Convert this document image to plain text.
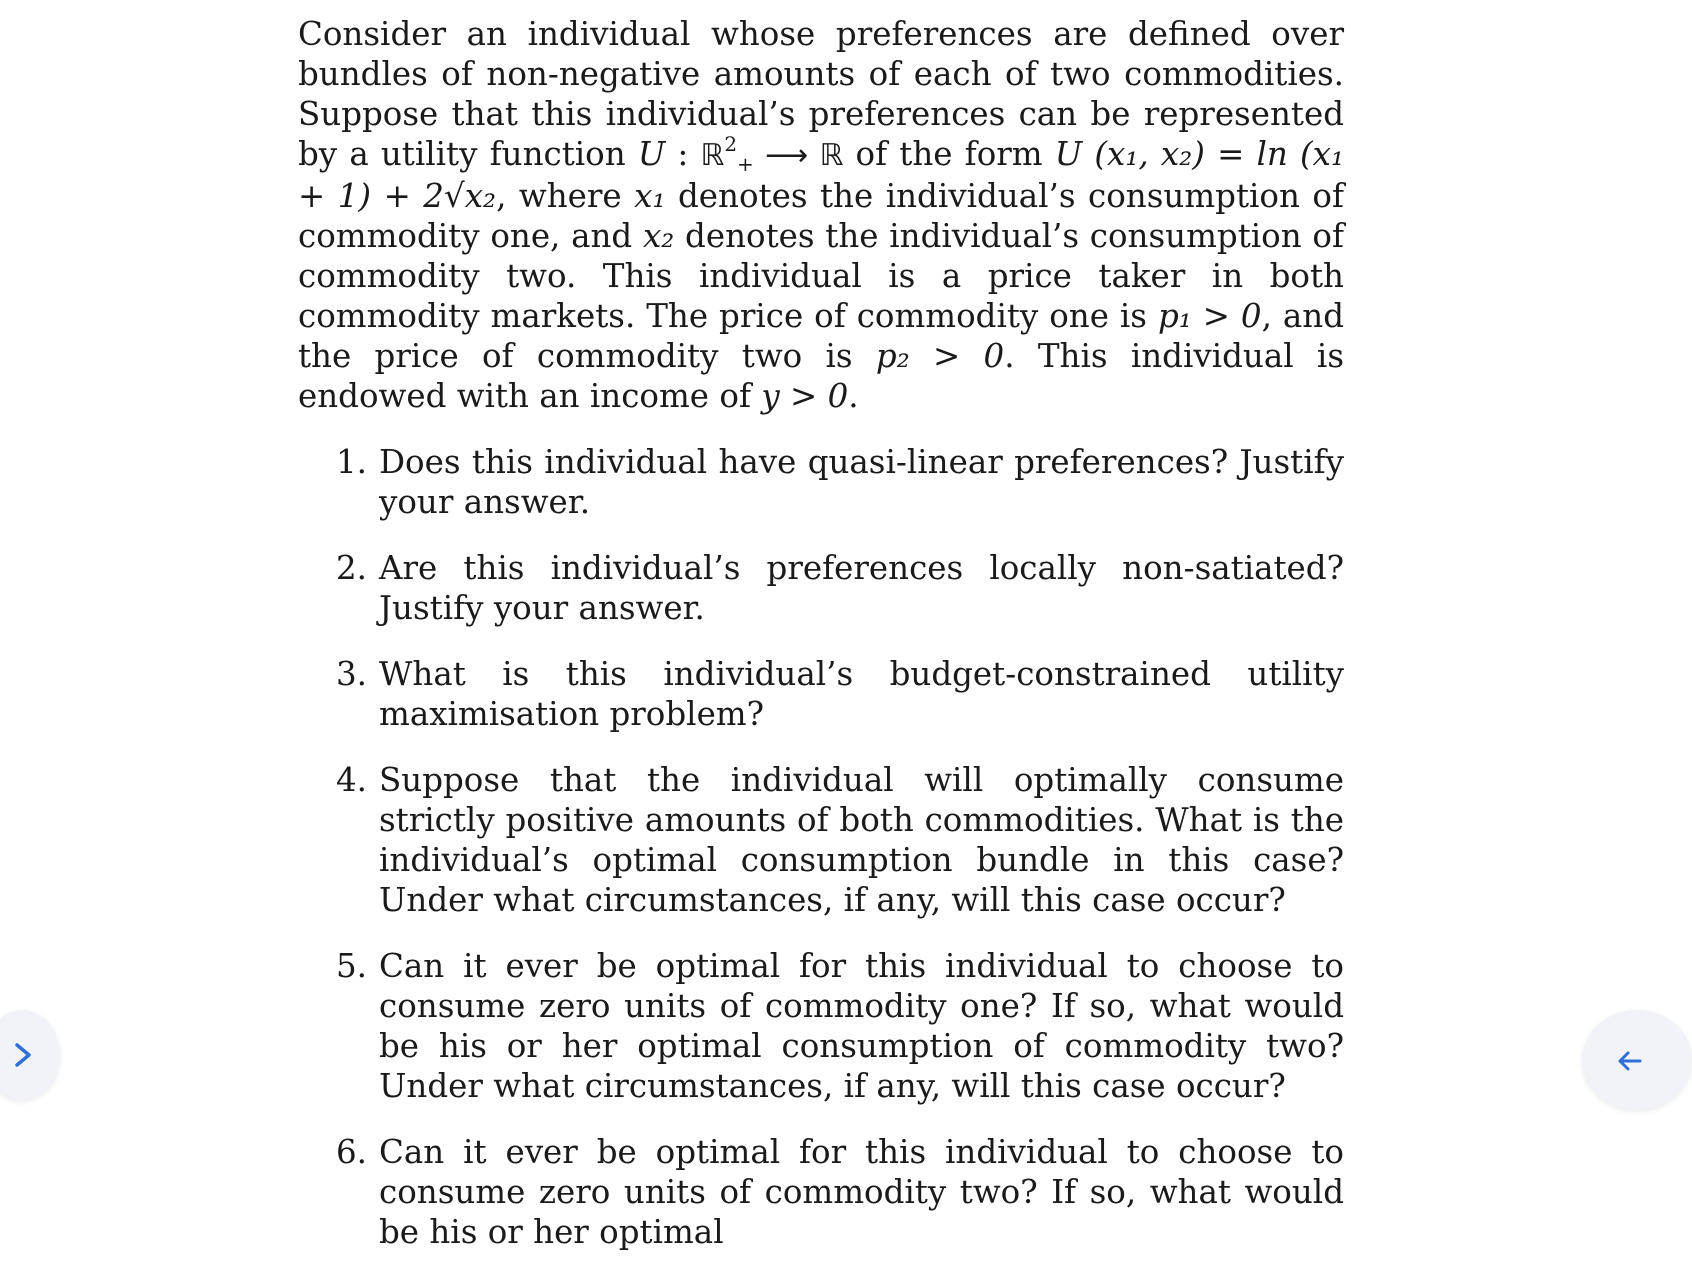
Consider an individual whose preferences are defined over bundles of non-negative amounts of each of two commodities. Suppose that this individual’s preferences can be represented by a utility function U : ℝ$^2_+$ ⟶ ℝ of the form U (x₁, x₂) = ln (x₁ + 1) + 2√x₂, where x₁ denotes the individual’s consumption of commodity one, and x₂ denotes the individual’s consumption of commodity two. This individual is a price taker in both commodity markets. The price of commodity one is p₁ > 0, and the price of commodity two is p₂ > 0. This individual is endowed with an income of y > 0.

1. Does this individual have quasi-linear preferences? Justify your answer.
2. Are this individual’s preferences locally non-satiated? Justify your answer.
3. What is this individual’s budget-constrained utility maximisation problem?
4. Suppose that the individual will optimally consume strictly positive amounts of both commodities. What is the individual’s optimal consumption bundle in this case? Under what circumstances, if any, will this case occur?
5. Can it ever be optimal for this individual to choose to consume zero units of commodity one? If so, what would be his or her optimal consumption of commodity two? Under what circumstances, if any, will this case occur?
6. Can it ever be optimal for this individual to choose to consume zero units of commodity two? If so, what would be his or her optimal
